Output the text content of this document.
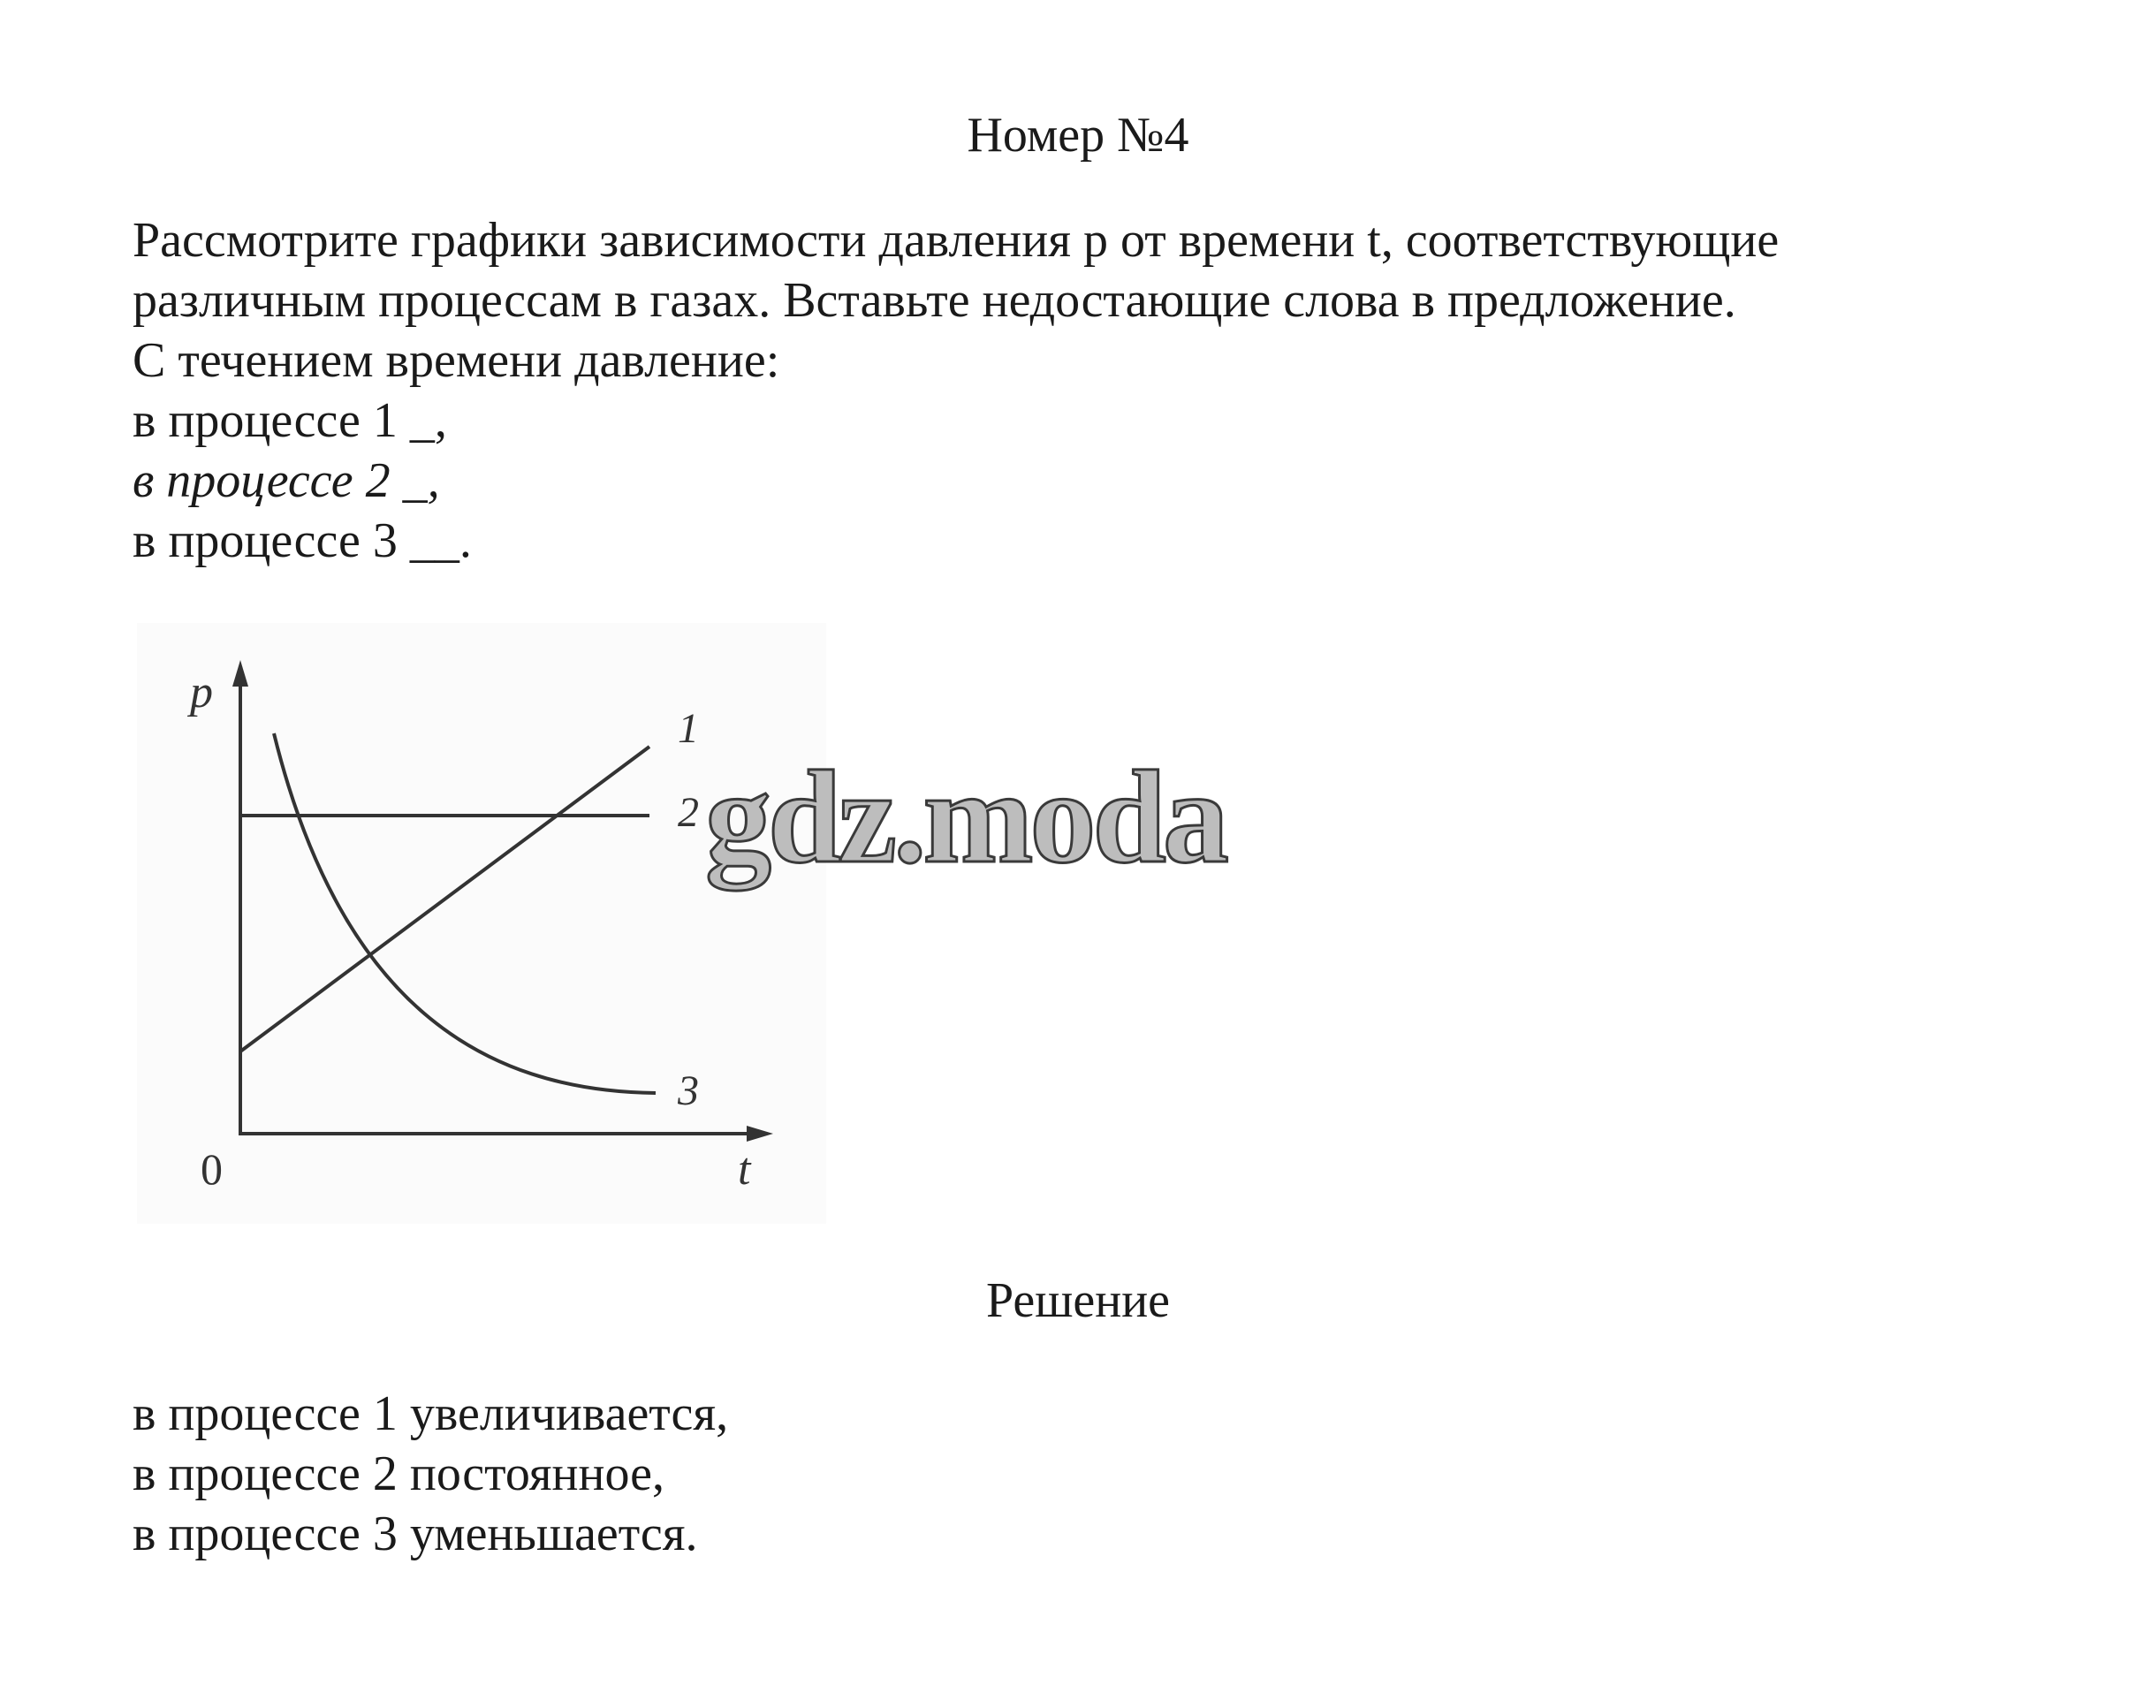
Номер №4

Рассмотрите графики зависимости давления p от времени t, соответствующие

различным процессам в газах. Вставьте недостающие слова в предложение.

С течением времени давление:

в процессе 1 _,

в процессе 2 _,

в процессе 3 __.

p
t
0
1
2
3
gdz.moda
Решение

в процессе 1 увеличивается,

в процессе 2 постоянное,

в процессе 3 уменьшается.
